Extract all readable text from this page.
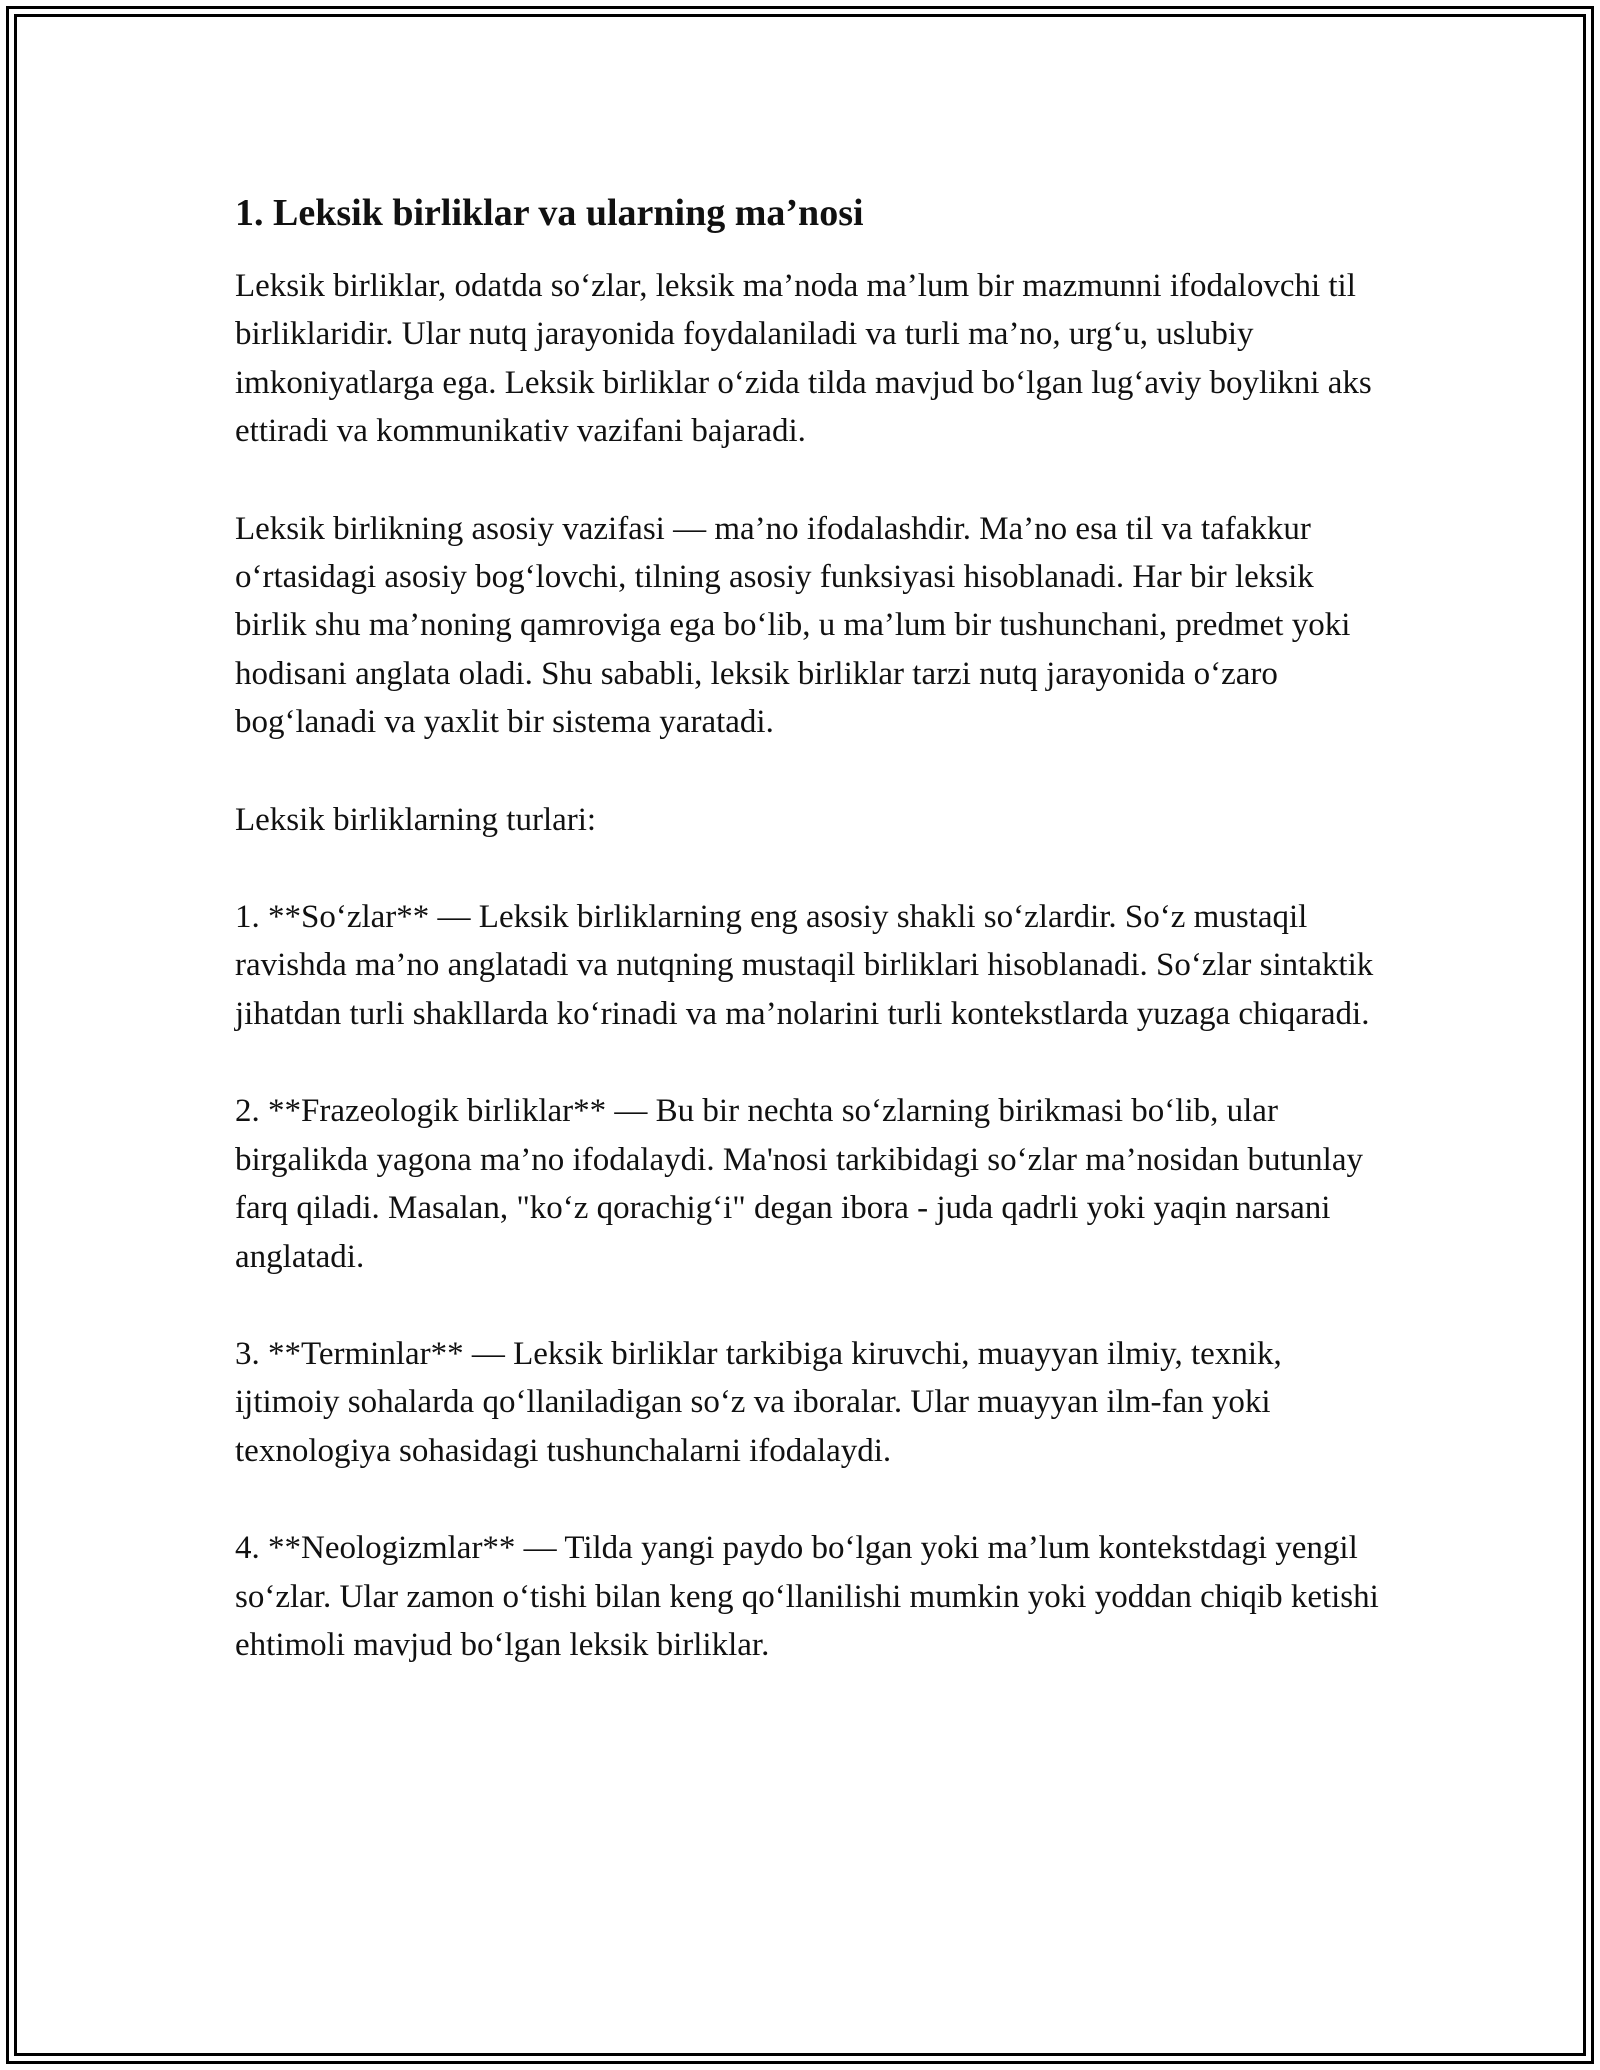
1. Leksik birliklar va ularning ma’nosi

Leksik birliklar, odatda so‘zlar, leksik ma’noda ma’lum bir mazmunni ifodalovchi til birliklaridir. Ular nutq jarayonida foydalaniladi va turli ma’no, urg‘u, uslubiy imkoniyatlarga ega. Leksik birliklar o‘zida tilda mavjud bo‘lgan lug‘aviy boylikni aks ettiradi va kommunikativ vazifani bajaradi.

Leksik birlikning asosiy vazifasi — ma’no ifodalashdir. Ma’no esa til va tafakkur o‘rtasidagi asosiy bog‘lovchi, tilning asosiy funksiyasi hisoblanadi. Har bir leksik birlik shu ma’noning qamroviga ega bo‘lib, u ma’lum bir tushunchani, predmet yoki hodisani anglata oladi. Shu sababli, leksik birliklar tarzi nutq jarayonida o‘zaro bog‘lanadi va yaxlit bir sistema yaratadi.

Leksik birliklarning turlari:

1. **So‘zlar** — Leksik birliklarning eng asosiy shakli so‘zlardir. So‘z mustaqil ravishda ma’no anglatadi va nutqning mustaqil birliklari hisoblanadi. So‘zlar sintaktik jihatdan turli shakllarda ko‘rinadi va ma’nolarini turli kontekstlarda yuzaga chiqaradi.

2. **Frazeologik birliklar** — Bu bir nechta so‘zlarning birikmasi bo‘lib, ular birgalikda yagona ma’no ifodalaydi. Ma'nosi tarkibidagi so‘zlar ma’nosidan butunlay farq qiladi. Masalan, "ko‘z qorachig‘i" degan ibora - juda qadrli yoki yaqin narsani anglatadi.

3. **Terminlar** — Leksik birliklar tarkibiga kiruvchi, muayyan ilmiy, texnik, ijtimoiy sohalarda qo‘llaniladigan so‘z va iboralar. Ular muayyan ilm-fan yoki texnologiya sohasidagi tushunchalarni ifodalaydi.

4. **Neologizmlar** — Tilda yangi paydo bo‘lgan yoki ma’lum kontekstdagi yengil so‘zlar. Ular zamon o‘tishi bilan keng qo‘llanilishi mumkin yoki yoddan chiqib ketishi ehtimoli mavjud bo‘lgan leksik birliklar.
